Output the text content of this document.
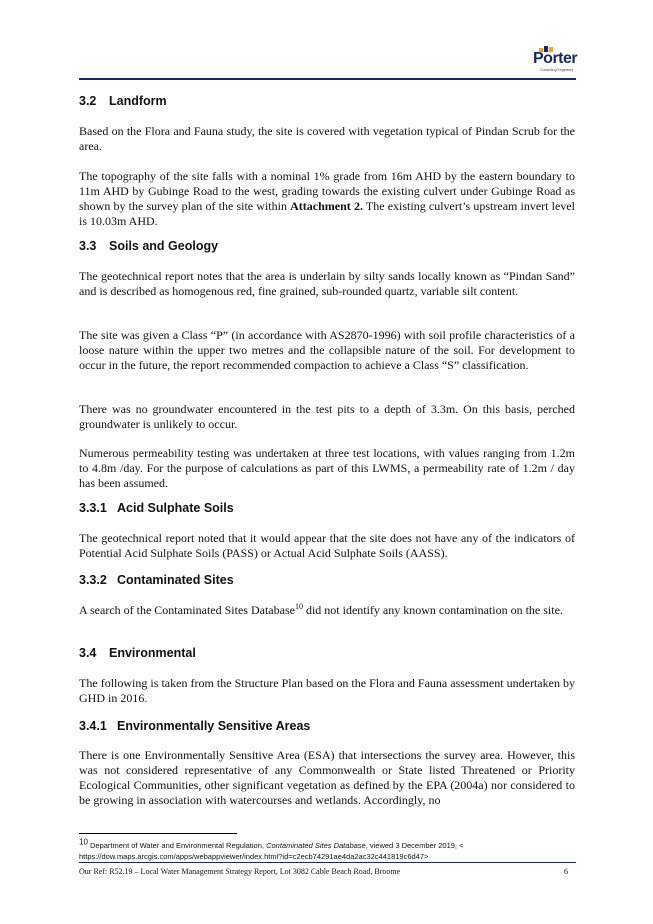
Porter
Consulting Engineers
3.2 Landform

Based on the Flora and Fauna study, the site is covered with vegetation typical of Pindan Scrub for the area.

The topography of the site falls with a nominal 1% grade from 16m AHD by the eastern boundary to 11m AHD by Gubinge Road to the west, grading towards the existing culvert under Gubinge Road as shown by the survey plan of the site within Attachment 2. The existing culvert’s upstream invert level is 10.03m AHD.

3.3 Soils and Geology

The geotechnical report notes that the area is underlain by silty sands locally known as “Pindan Sand” and is described as homogenous red, fine grained, sub-rounded quartz, variable silt content.

The site was given a Class “P” (in accordance with AS2870-1996) with soil profile characteristics of a loose nature within the upper two metres and the collapsible nature of the soil. For development to occur in the future, the report recommended compaction to achieve a Class “S” classification.

There was no groundwater encountered in the test pits to a depth of 3.3m. On this basis, perched groundwater is unlikely to occur.

Numerous permeability testing was undertaken at three test locations, with values ranging from 1.2m to 4.8m /day. For the purpose of calculations as part of this LWMS, a permeability rate of 1.2m / day has been assumed.

3.3.1 Acid Sulphate Soils

The geotechnical report noted that it would appear that the site does not have any of the indicators of Potential Acid Sulphate Soils (PASS) or Actual Acid Sulphate Soils (AASS).

3.3.2 Contaminated Sites

A search of the Contaminated Sites Database$^{10}$ did not identify any known contamination on the site.

3.4 Environmental

The following is taken from the Structure Plan based on the Flora and Fauna assessment undertaken by GHD in 2016.

3.4.1 Environmentally Sensitive Areas

There is one Environmentally Sensitive Area (ESA) that intersections the survey area. However, this was not considered representative of any Commonwealth or State listed Threatened or Priority Ecological Communities, other significant vegetation as defined by the EPA (2004a) nor considered to be growing in association with watercourses and wetlands. Accordingly, no

$^{10}$ Department of Water and Environmental Regulation, Contaminated Sites Database, viewed 3 December 2019, <
https://dow.maps.arcgis.com/apps/webappviewer/index.html?id=c2ecb74291ae4da2ac32c441819c6d47>
Our Ref: R52.19 – Local Water Management Strategy Report, Lot 3082 Cable Beach Road, Broome	6
